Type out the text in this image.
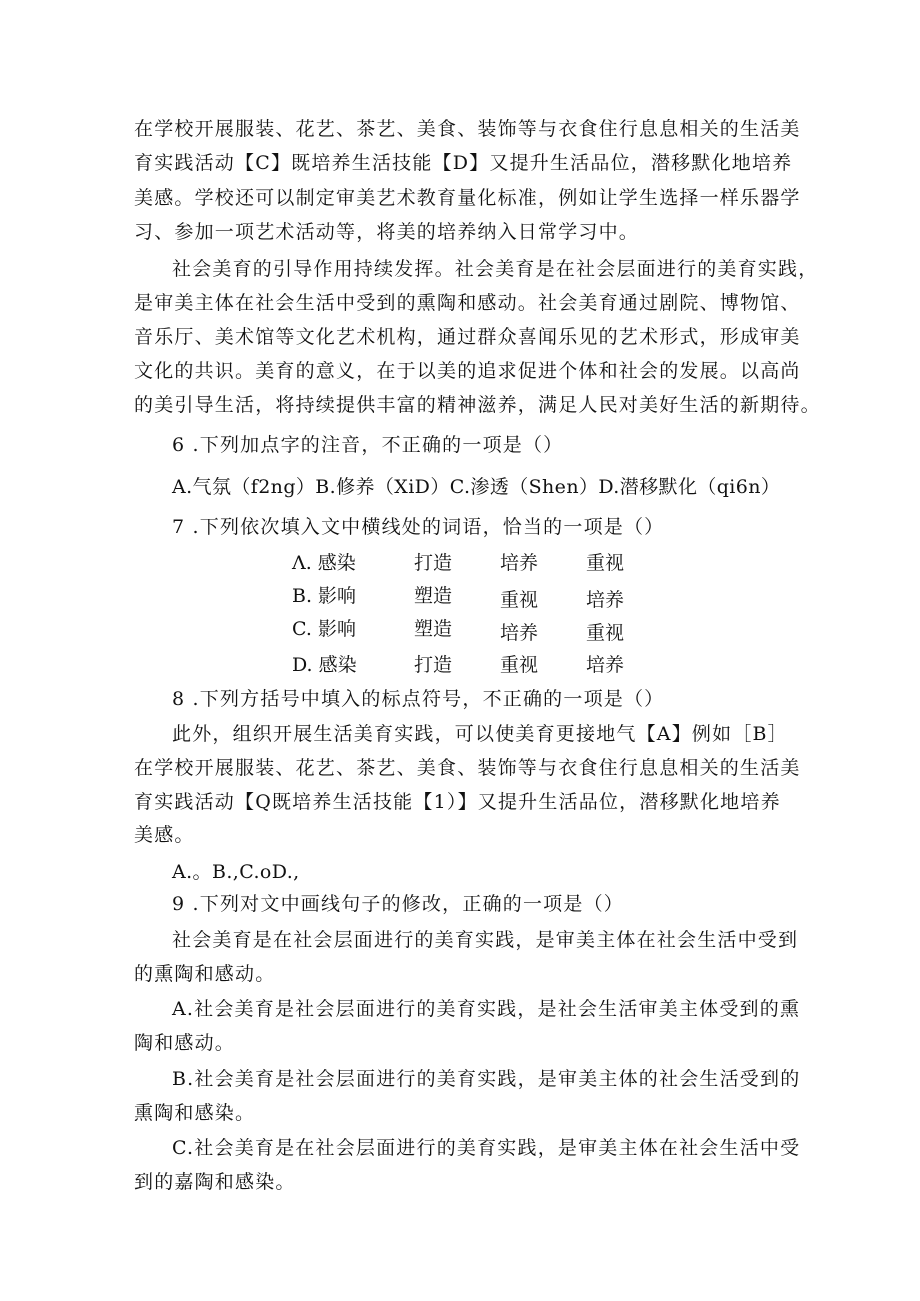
在学校开展服装、花艺、茶艺、美食、装饰等与衣食住行息息相关的生活美
育实践活动【C】既培养生活技能【D】又提升生活品位，潜移默化地培养
美感。学校还可以制定审美艺术教育量化标准，例如让学生选择一样乐器学
习、参加一项艺术活动等，将美的培养纳入日常学习中。
社会美育的引导作用持续发挥。社会美育是在社会层面进行的美育实践，
是审美主体在社会生活中受到的熏陶和感动。社会美育通过剧院、博物馆、
音乐厅、美术馆等文化艺术机构，通过群众喜闻乐见的艺术形式，形成审美
文化的共识。美育的意义，在于以美的追求促进个体和社会的发展。以高尚
的美引导生活，将持续提供丰富的精神滋养，满足人民对美好生活的新期待。
6 .下列加点字的注音，不正确的一项是（）
A.气氛（f2ng）B.修养（XiD）C.渗透（Shen）D.潜移默化（qi6n）
7 .下列依次填入文中横线处的词语，恰当的一项是（）
Λ. 感染	打造	培养	重视
B. 影响	塑造	重视	培养
C. 影响	塑造	培养	重视
D. 感染	打造	重视	培养
8 .下列方括号中填入的标点符号，不正确的一项是（）
此外，组织开展生活美育实践，可以使美育更接地气【A】例如［B］
在学校开展服装、花艺、茶艺、美食、装饰等与衣食住行息息相关的生活美
育实践活动【Q既培养生活技能【1）】又提升生活品位，潜移默化地培养
美感。
A.。B.,C.oD.,
9 .下列对文中画线句子的修改，正确的一项是（）
社会美育是在社会层面进行的美育实践，是审美主体在社会生活中受到
的熏陶和感动。
A.社会美育是社会层面进行的美育实践，是社会生活审美主体受到的熏
陶和感动。
B.社会美育是社会层面进行的美育实践，是审美主体的社会生活受到的
熏陶和感染。
C.社会美育是在社会层面进行的美育实践，是审美主体在社会生活中受
到的嘉陶和感染。
